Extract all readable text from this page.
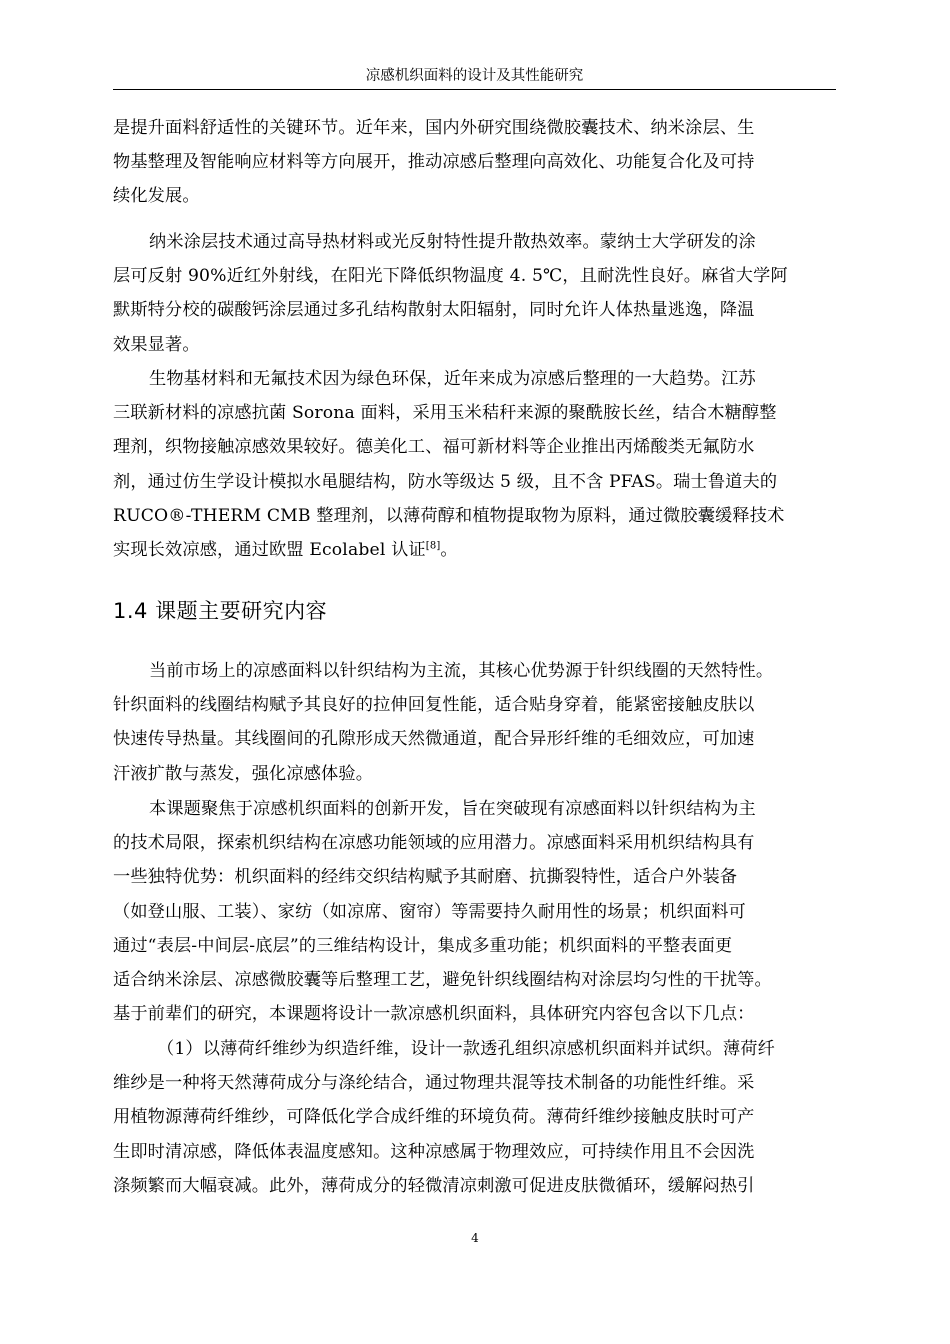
凉感机织面料的设计及其性能研究
是提升面料舒适性的关键环节。近年来，国内外研究围绕微胶囊技术、纳米涂层、生
物基整理及智能响应材料等方向展开，推动凉感后整理向高效化、功能复合化及可持
续化发展。
纳米涂层技术通过高导热材料或光反射特性提升散热效率。蒙纳士大学研发的涂
层可反射 90%近红外射线，在阳光下降低织物温度 4. 5℃，且耐洗性良好。麻省大学阿
默斯特分校的碳酸钙涂层通过多孔结构散射太阳辐射，同时允许人体热量逃逸，降温
效果显著。
生物基材料和无氟技术因为绿色环保，近年来成为凉感后整理的一大趋势。江苏
三联新材料的凉感抗菌 Sorona 面料，采用玉米秸秆来源的聚酰胺长丝，结合木糖醇整
理剂，织物接触凉感效果较好。德美化工、福可新材料等企业推出丙烯酸类无氟防水
剂，通过仿生学设计模拟水黾腿结构，防水等级达 5 级，且不含 PFAS。瑞士鲁道夫的
RUCO®-THERM CMB 整理剂，以薄荷醇和植物提取物为原料，通过微胶囊缓释技术
实现长效凉感，通过欧盟 Ecolabel 认证[8]。
1.4 课题主要研究内容
当前市场上的凉感面料以针织结构为主流，其核心优势源于针织线圈的天然特性。
针织面料的线圈结构赋予其良好的拉伸回复性能，适合贴身穿着，能紧密接触皮肤以
快速传导热量。其线圈间的孔隙形成天然微通道，配合异形纤维的毛细效应，可加速
汗液扩散与蒸发，强化凉感体验。
本课题聚焦于凉感机织面料的创新开发，旨在突破现有凉感面料以针织结构为主
的技术局限，探索机织结构在凉感功能领域的应用潜力。凉感面料采用机织结构具有
一些独特优势：机织面料的经纬交织结构赋予其耐磨、抗撕裂特性，适合户外装备
（如登山服、工装）、家纺（如凉席、窗帘）等需要持久耐用性的场景；机织面料可
通过“表层-中间层-底层”的三维结构设计，集成多重功能；机织面料的平整表面更
适合纳米涂层、凉感微胶囊等后整理工艺，避免针织线圈结构对涂层均匀性的干扰等。
基于前辈们的研究，本课题将设计一款凉感机织面料，具体研究内容包含以下几点：
（1）以薄荷纤维纱为织造纤维，设计一款透孔组织凉感机织面料并试织。薄荷纤
维纱是一种将天然薄荷成分与涤纶结合，通过物理共混等技术制备的功能性纤维。采
用植物源薄荷纤维纱，可降低化学合成纤维的环境负荷。薄荷纤维纱接触皮肤时可产
生即时清凉感，降低体表温度感知。这种凉感属于物理效应，可持续作用且不会因洗
涤频繁而大幅衰减。此外，薄荷成分的轻微清凉刺激可促进皮肤微循环，缓解闷热引
4
